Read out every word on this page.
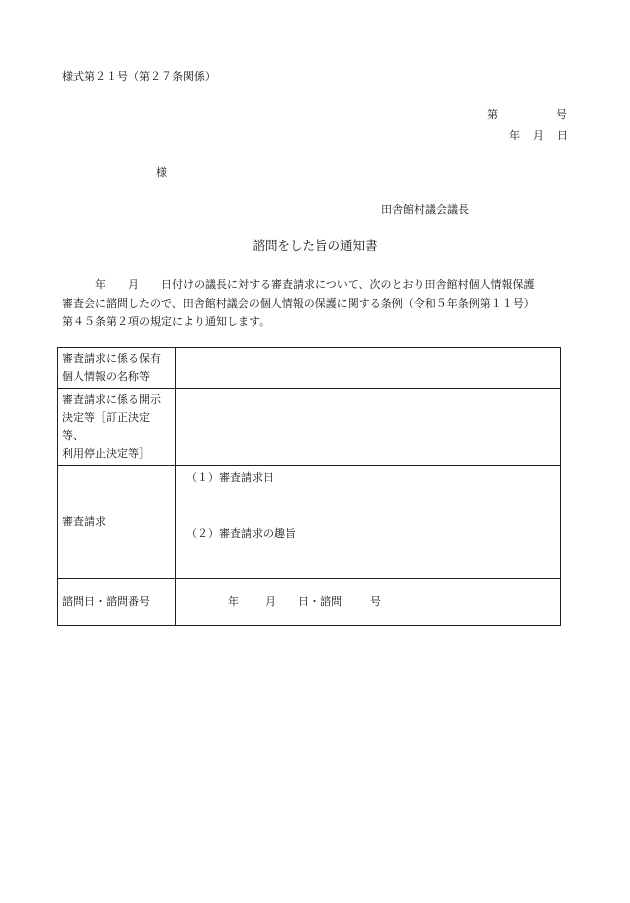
様式第２１号（第２７条関係）
第	号
年 月 日
様
田舎館村議会議長
諮問をした旨の通知書
　　　年　　月　　日付けの議長に対する審査請求について、次のとおり田舎館村個人情報保護
審査会に諮問したので、田舎館村議会の個人情報の保護に関する条例（令和５年条例第１１号）
第４５条第２項の規定により通知します。
審査請求に係る保有
個人情報の名称等	

審査請求に係る開示
決定等［訂正決定等、
利用停止決定等］	

審査請求	（１）審査請求日
（２）審査請求の趣旨

諮問日・諮問番号	年 月 日・諮問 号
